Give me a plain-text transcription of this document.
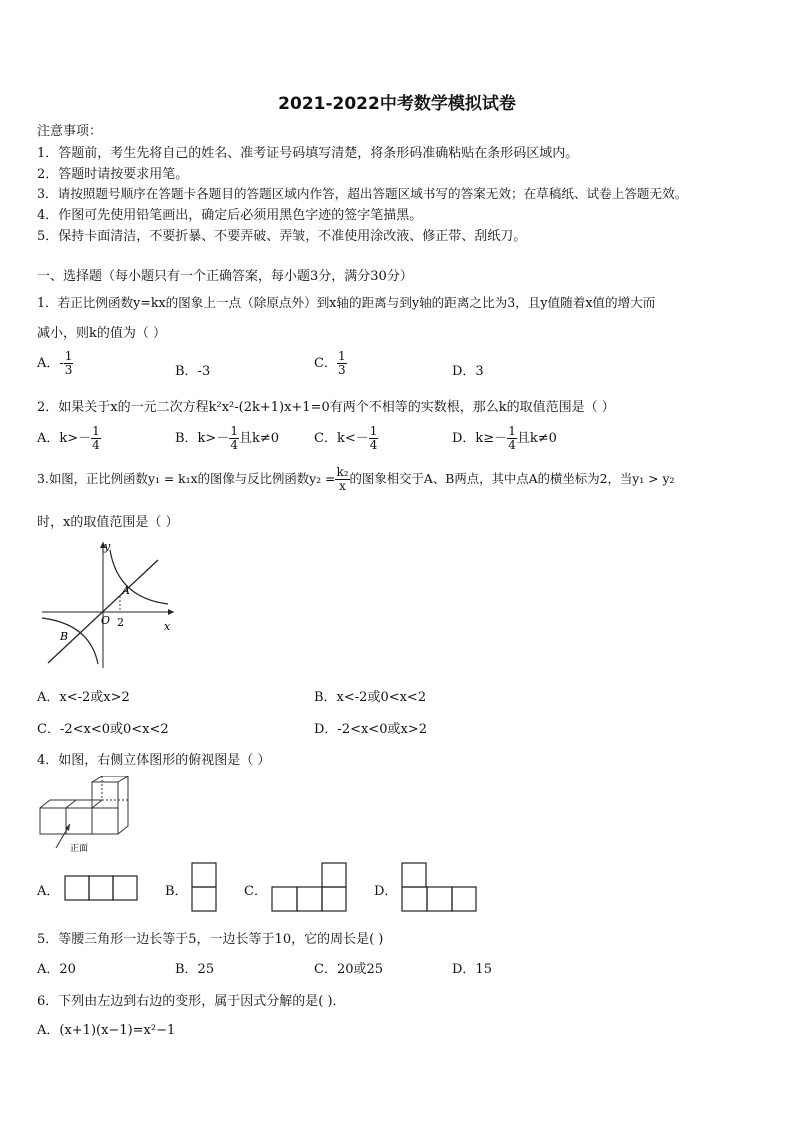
2021-2022中考数学模拟试卷
注意事项：
1．答题前，考生先将自己的姓名、准考证号码填写清楚，将条形码准确粘贴在条形码区域内。
2．答题时请按要求用笔。
3．请按照题号顺序在答题卡各题目的答题区域内作答，超出答题区域书写的答案无效；在草稿纸、试卷上答题无效。
4．作图可先使用铅笔画出，确定后必须用黑色字迹的签字笔描黑。
5．保持卡面清洁，不要折暴、不要弄破、弄皱，不准使用涂改液、修正带、刮纸刀。
一、选择题（每小题只有一个正确答案，每小题3分，满分30分）
1．若正比例函数y=kx的图象上一点（除原点外）到x轴的距离与到y轴的距离之比为3，且y值随着x值的增大而
减小，则k的值为（ ）
A．- $\frac{1}{3}$	B．-3
C． $\frac{1}{3}$	D．3
2．如果关于x的一元二次方程k²x²-(2k+1)x+1=0有两个不相等的实数根，那么k的取值范围是（ ）
A．$k>- \frac{1}{4}$	B．$k>- \frac{1}{4}$ 且k≠0	C．$k<- \frac{1}{4}$	D．$k\ge- \frac{1}{4}$ 且k≠0
3.如图，正比例函数y₁ = k₁x的图像与反比例函数$y_2 = \frac{\text{k₂}}{x}$ 的图象相交于A、B两点，其中点A的横坐标为2，当y₁ > y₂
时，x的取值范围是（ ）
y
x
O
A
B
2
A．x<-2或x>2	B．x<-2或0<x<2
C．-2<x<0或0<x<2	D．-2<x<0或x>2
4．如图，右侧立体图形的俯视图是（ ）
正面
A．	B．	C．	D．
5．等腰三角形一边长等于5，一边长等于10，它的周长是( )
A．20	B．25	C．20或25	D．15
6．下列由左边到右边的变形，属于因式分解的是( )．
A．(x+1)(x−1)=x²−1
